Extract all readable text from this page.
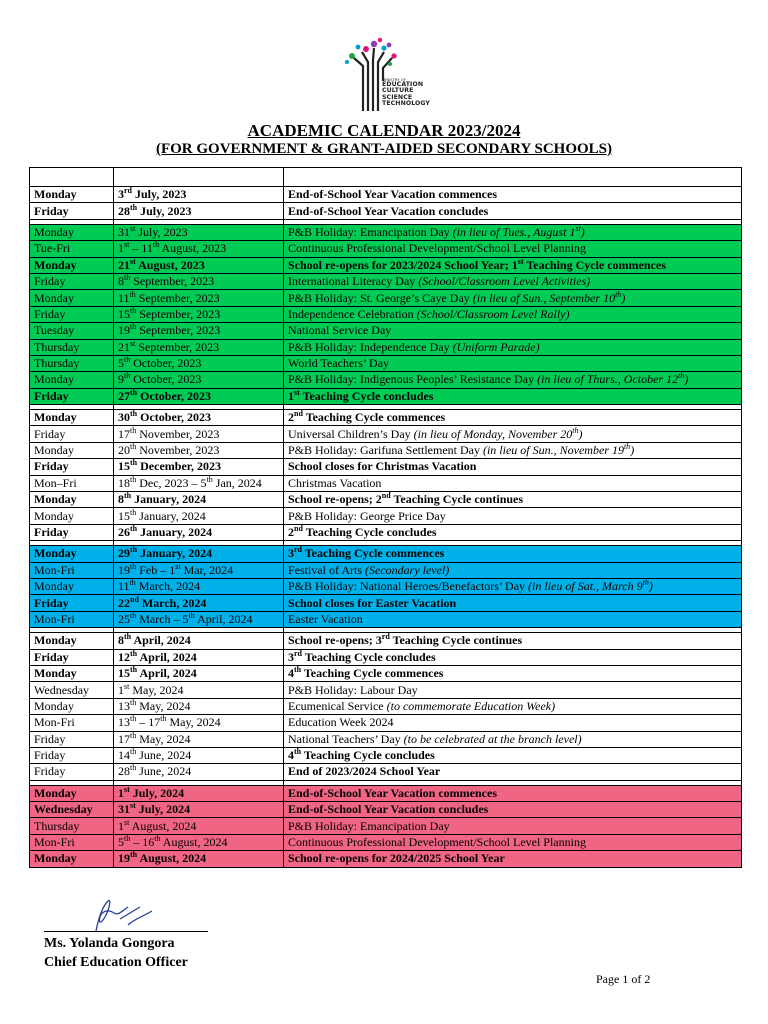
MINISTRY OF
EDUCATION
CULTURE
SCIENCE
TECHNOLOGY
ACADEMIC CALENDAR 2023/2024
(FOR GOVERNMENT & GRANT-AIDED SECONDARY SCHOOLS)

Monday	3rd July, 2023	End-of-School Year Vacation commences
Friday	28th July, 2023	End-of-School Year Vacation concludes

Monday	31st July, 2023	P&B Holiday: Emancipation Day (in lieu of Tues., August 1st)
Tue-Fri	1st – 11th August, 2023	Continuous Professional Development/School Level Planning
Monday	21st August, 2023	School re-opens for 2023/2024 School Year; 1st Teaching Cycle commences
Friday	8th September, 2023	International Literacy Day (School/Classroom Level Activities)
Monday	11th September, 2023	P&B Holiday: St. George’s Caye Day (in lieu of Sun., September 10th)
Friday	15th September, 2023	Independence Celebration (School/Classroom Level Rally)
Tuesday	19th September, 2023	National Service Day
Thursday	21st September, 2023	P&B Holiday: Independence Day (Uniform Parade)
Thursday	5th October, 2023	World Teachers’ Day
Monday	9th October, 2023	P&B Holiday: Indigenous Peoples’ Resistance Day (in lieu of Thurs., October 12th)
Friday	27th October, 2023	1st Teaching Cycle concludes

Monday	30th October, 2023	2nd Teaching Cycle commences
Friday	17th November, 2023	Universal Children’s Day (in lieu of Monday, November 20th)
Monday	20th November, 2023	P&B Holiday: Garifuna Settlement Day (in lieu of Sun., November 19th)
Friday	15th December, 2023	School closes for Christmas Vacation
Mon–Fri	18th Dec, 2023 – 5th Jan, 2024	Christmas Vacation
Monday	8th January, 2024	School re-opens; 2nd Teaching Cycle continues
Monday	15th January, 2024	P&B Holiday: George Price Day
Friday	26th January, 2024	2nd Teaching Cycle concludes

Monday	29th January, 2024	3rd Teaching Cycle commences
Mon-Fri	19th Feb – 1st Mar, 2024	Festival of Arts (Secondary level)
Monday	11th March, 2024	P&B Holiday: National Heroes/Benefactors’ Day (in lieu of Sat., March 9th)
Friday	22nd March, 2024	School closes for Easter Vacation
Mon-Fri	25th March – 5th April, 2024	Easter Vacation

Monday	8th April, 2024	School re-opens; 3rd Teaching Cycle continues
Friday	12th April, 2024	3rd Teaching Cycle concludes
Monday	15th April, 2024	4th Teaching Cycle commences
Wednesday	1st May, 2024	P&B Holiday: Labour Day
Monday	13th May, 2024	Ecumenical Service (to commemorate Education Week)
Mon-Fri	13th – 17th May, 2024	Education Week 2024
Friday	17th May, 2024	National Teachers’ Day (to be celebrated at the branch level)
Friday	14th June, 2024	4th Teaching Cycle concludes
Friday	28th June, 2024	End of 2023/2024 School Year

Monday	1st July, 2024	End-of-School Year Vacation commences
Wednesday	31st July, 2024	End-of-School Year Vacation concludes
Thursday	1st August, 2024	P&B Holiday: Emancipation Day
Mon-Fri	5th – 16th August, 2024	Continuous Professional Development/School Level Planning
Monday	19th August, 2024	School re-opens for 2024/2025 School Year
Ms. Yolanda Gongora
Chief Education Officer
Page 1 of 2
